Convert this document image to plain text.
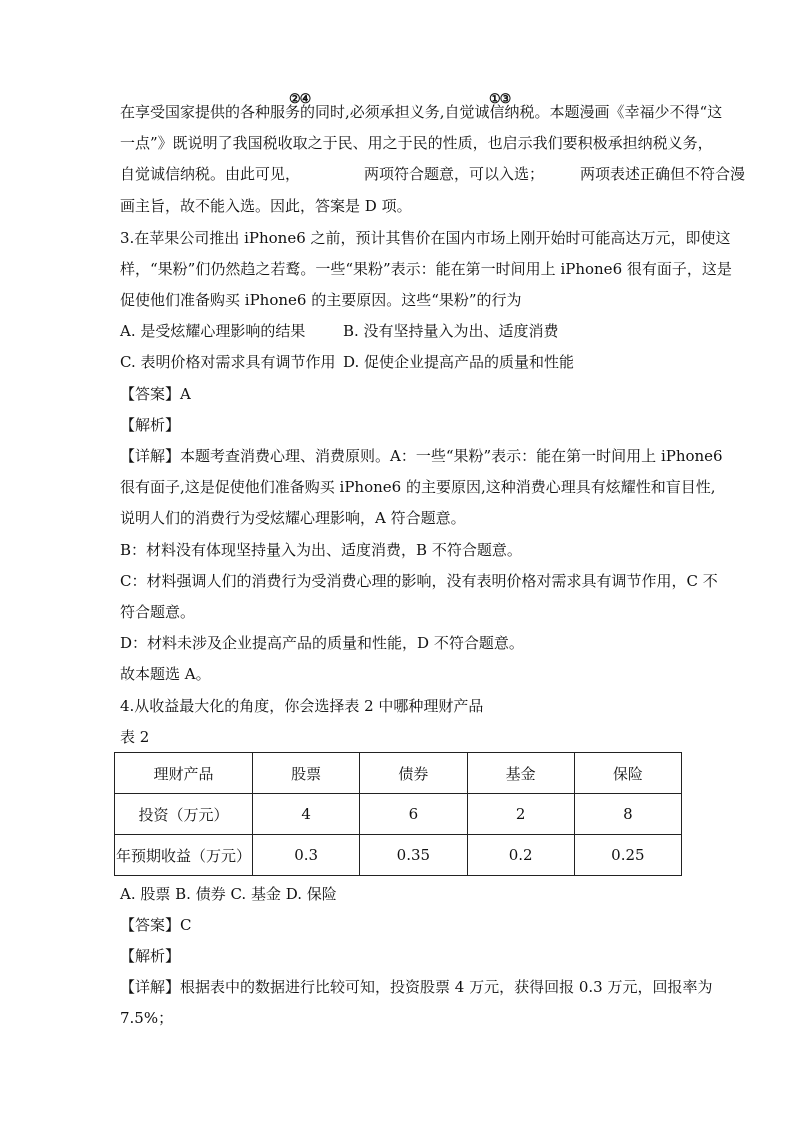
②④	①③
在享受国家提供的各种服务的同时,必须承担义务,自觉诚信纳税。本题漫画《幸福少不得“这
一点”》既说明了我国税收取之于民、用之于民的性质，也启示我们要积极承担纳税义务，
自觉诚信纳税。由此可见，	两项符合题意，可以入选； 两项表述正确但不符合漫
画主旨，故不能入选。因此，答案是 D 项。
3.在苹果公司推出 iPhone6 之前，预计其售价在国内市场上刚开始时可能高达万元，即使这
样，“果粉”们仍然趋之若鹜。一些“果粉”表示：能在第一时间用上 iPhone6 很有面子，这是
促使他们准备购买 iPhone6 的主要原因。这些“果粉”的行为
A. 是受炫耀心理影响的结果	B. 没有坚持量入为出、适度消费
C. 表明价格对需求具有调节作用 D. 促使企业提高产品的质量和性能
【答案】A
【解析】
【详解】本题考查消费心理、消费原则。A：一些“果粉”表示：能在第一时间用上 iPhone6
很有面子,这是促使他们准备购买 iPhone6 的主要原因,这种消费心理具有炫耀性和盲目性,
说明人们的消费行为受炫耀心理影响，A 符合题意。
B：材料没有体现坚持量入为出、适度消费，B 不符合题意。
C：材料强调人们的消费行为受消费心理的影响，没有表明价格对需求具有调节作用，C 不
符合题意。
D：材料未涉及企业提高产品的质量和性能，D 不符合题意。
故本题选 A。
4.从收益最大化的角度，你会选择表 2 中哪种理财产品
表 2
理财产品	股票	债券	基金	保险
投资（万元）	4	6	2	8
年预期收益（万元）	0.3	0.35	0.2	0.25
A. 股票 B. 债券 C. 基金 D. 保险
【答案】C
【解析】
【详解】根据表中的数据进行比较可知，投资股票 4 万元，获得回报 0.3 万元，回报率为
7.5%；
